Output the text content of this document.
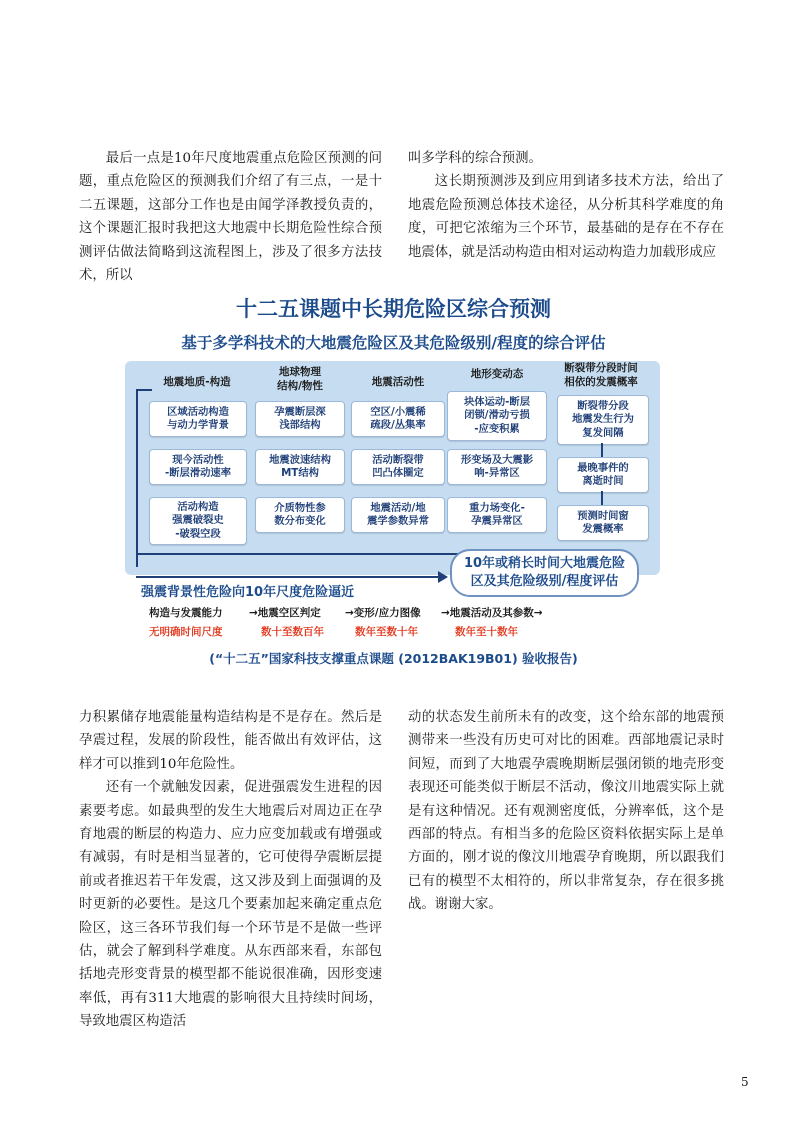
最后一点是10年尺度地震重点危险区预测的问题，重点危险区的预测我们介绍了有三点，一是十二五课题，这部分工作也是由闻学泽教授负责的，这个课题汇报时我把这大地震中长期危险性综合预测评估做法简略到这流程图上，涉及了很多方法技术，所以

叫多学科的综合预测。

这长期预测涉及到应用到诸多技术方法，给出了地震危险预测总体技术途径，从分析其科学难度的角度，可把它浓缩为三个环节，最基础的是存在不存在地震体，就是活动构造由相对运动构造力加载形成应

十二五课题中长期危险区综合预测
基于多学科技术的大地震危险区及其危险级别/程度的综合评估
地震地质-构造
区域活动构造
与动力学背景
现今活动性
-断层滑动速率
活动构造
强震破裂史
-破裂空段
地球物理
结构/物性
孕震断层深
浅部结构
地震波速结构
MT结构
介质物性参
数分布变化
地震活动性
空区/小震稀
疏段/丛集率
活动断裂带
凹凸体圈定
地震活动/地
震学参数异常
地形变动态
块体运动-断层
闭锁/滑动亏损
-应变积累
形变场及大震影
响-异常区
重力场变化-
孕震异常区
断裂带分段时间
相依的发震概率
断裂带分段
地震发生行为
复发间隔
最晚事件的
离逝时间
预测时间窗
发震概率
10年或稍长时间大地震危险
区及其危险级别/程度评估
强震背景性危险向10年尺度危险逼近
构造与发震能力	→地震空区判定 →变形/应力图像 →地震活动及其参数→
无明确时间尺度	数十至数百年	数年至数十年	数年至十数年
(“十二五”国家科技支撑重点课题 (2012BAK19B01) 验收报告)

力积累储存地震能量构造结构是不是存在。然后是孕震过程，发展的阶段性，能否做出有效评估，这样才可以推到10年危险性。

还有一个就触发因素，促进强震发生进程的因素要考虑。如最典型的发生大地震后对周边正在孕育地震的断层的构造力、应力应变加载或有增强或有减弱，有时是相当显著的，它可使得孕震断层提前或者推迟若干年发震，这又涉及到上面强调的及时更新的必要性。是这几个要素加起来确定重点危险区，这三各环节我们每一个环节是不是做一些评估，就会了解到科学难度。从东西部来看，东部包括地壳形变背景的模型都不能说很准确，因形变速率低，再有311大地震的影响很大且持续时间场，导致地震区构造活

动的状态发生前所未有的改变，这个给东部的地震预测带来一些没有历史可对比的困难。西部地震记录时间短，而到了大地震孕震晚期断层强闭锁的地壳形变表现还可能类似于断层不活动，像汶川地震实际上就是有这种情况。还有观测密度低，分辨率低，这个是西部的特点。有相当多的危险区资料依据实际上是单方面的，刚才说的像汶川地震孕育晚期，所以跟我们已有的模型不太相符的，所以非常复杂，存在很多挑战。谢谢大家。

5
